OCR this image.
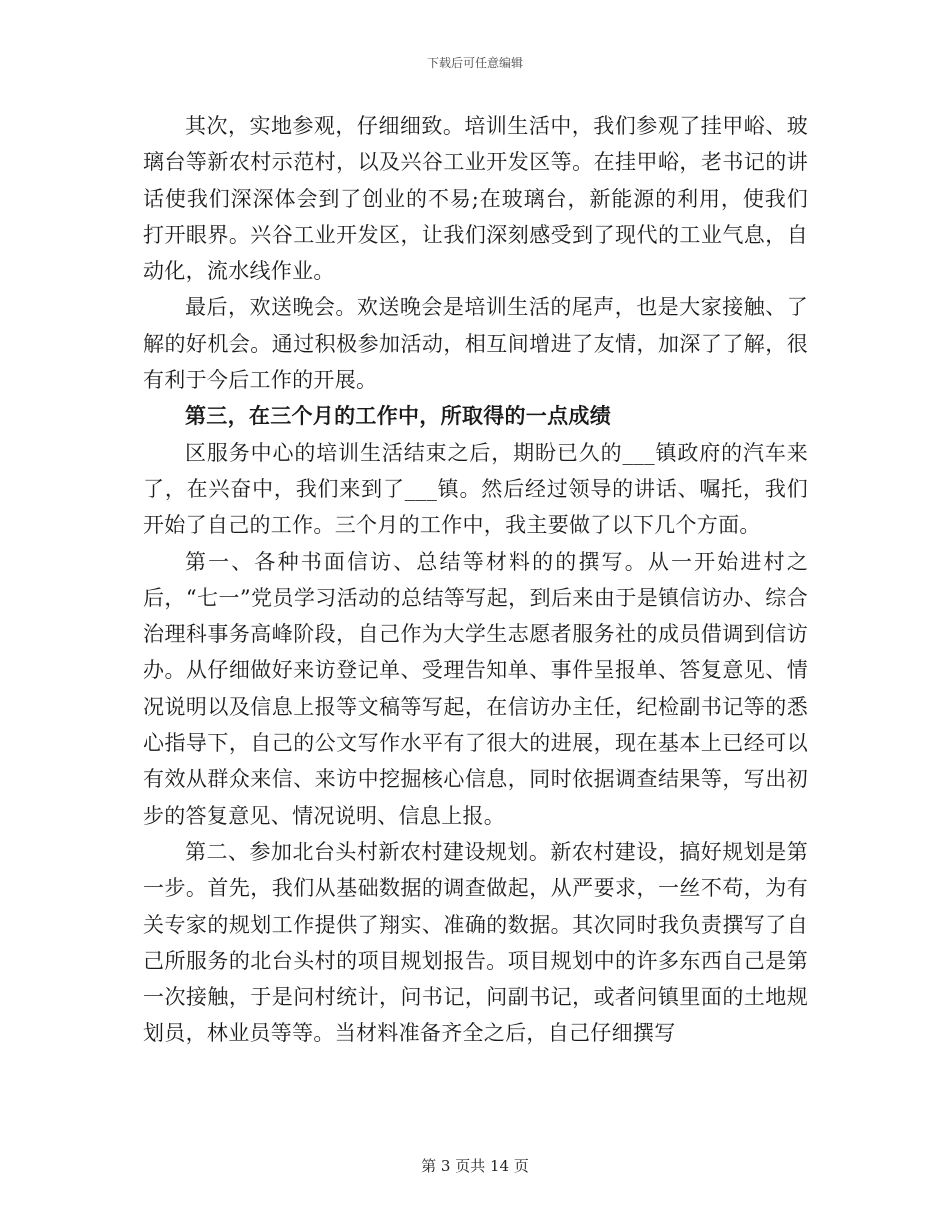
下载后可任意编辑

其次，实地参观，仔细细致。培训生活中，我们参观了挂甲峪、玻璃台等新农村示范村，以及兴谷工业开发区等。在挂甲峪，老书记的讲话使我们深深体会到了创业的不易;在玻璃台，新能源的利用，使我们打开眼界。兴谷工业开发区，让我们深刻感受到了现代的工业气息，自动化，流水线作业。

最后，欢送晚会。欢送晚会是培训生活的尾声，也是大家接触、了解的好机会。通过积极参加活动，相互间增进了友情，加深了了解，很有利于今后工作的开展。

第三，在三个月的工作中，所取得的一点成绩

区服务中心的培训生活结束之后，期盼已久的___镇政府的汽车来了，在兴奋中，我们来到了___镇。然后经过领导的讲话、嘱托，我们开始了自己的工作。三个月的工作中，我主要做了以下几个方面。

第一、各种书面信访、总结等材料的的撰写。从一开始进村之后，“七一”党员学习活动的总结等写起，到后来由于是镇信访办、综合治理科事务高峰阶段，自己作为大学生志愿者服务社的成员借调到信访办。从仔细做好来访登记单、受理告知单、事件呈报单、答复意见、情况说明以及信息上报等文稿等写起，在信访办主任，纪检副书记等的悉心指导下，自己的公文写作水平有了很大的进展，现在基本上已经可以有效从群众来信、来访中挖掘核心信息，同时依据调查结果等，写出初步的答复意见、情况说明、信息上报。

第二、参加北台头村新农村建设规划。新农村建设，搞好规划是第一步。首先，我们从基础数据的调查做起，从严要求，一丝不苟，为有关专家的规划工作提供了翔实、准确的数据。其次同时我负责撰写了自己所服务的北台头村的项目规划报告。项目规划中的许多东西自己是第一次接触，于是问村统计，问书记，问副书记，或者问镇里面的土地规划员，林业员等等。当材料准备齐全之后，自己仔细撰写

第 3 页共 14 页
